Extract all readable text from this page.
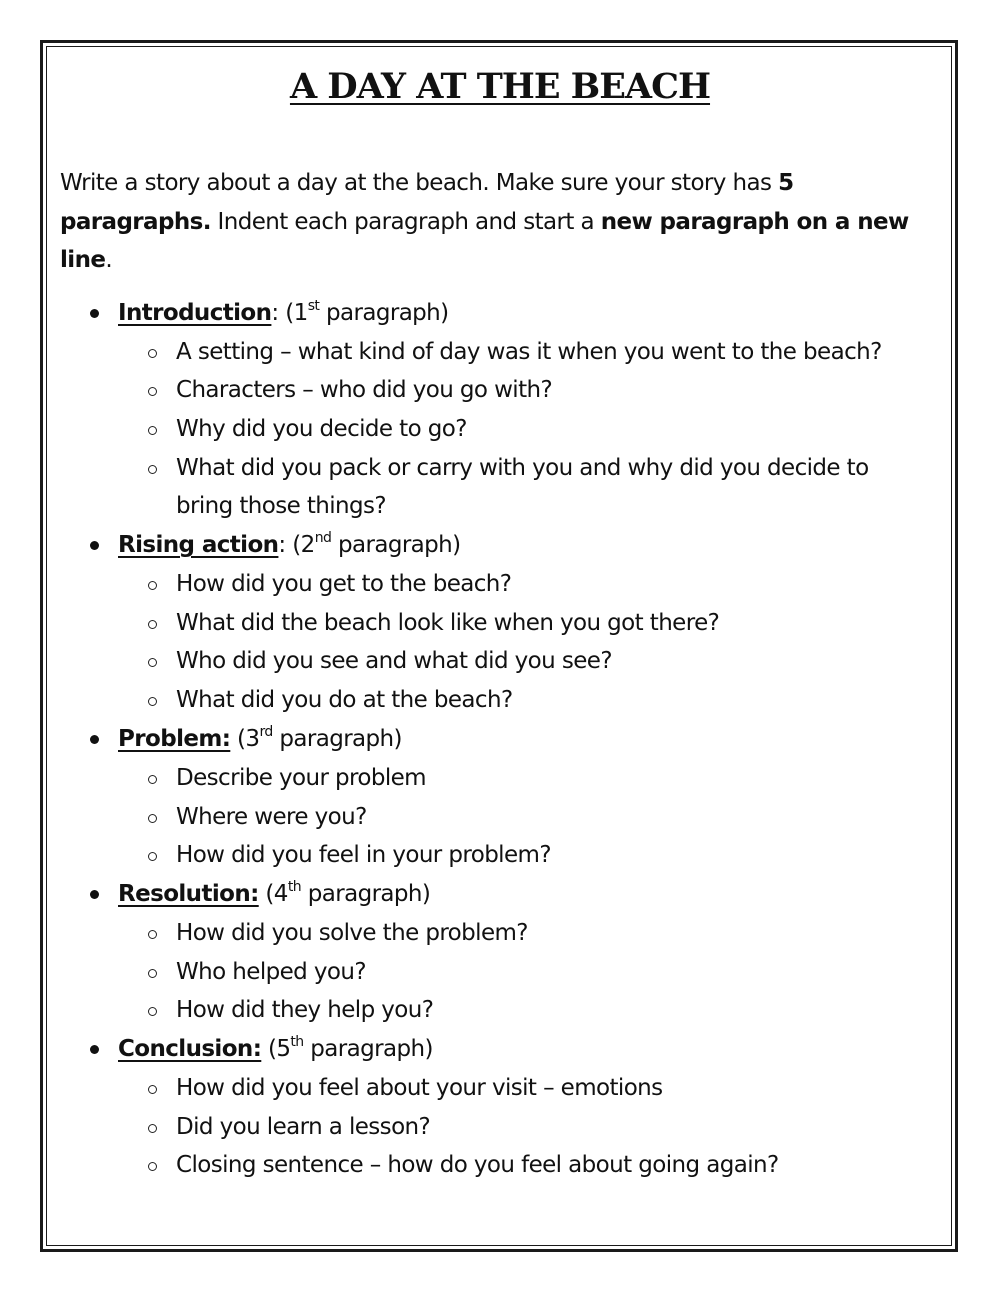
A DAY AT THE BEACH

Write a story about a day at the beach. Make sure your story has 5 paragraphs. Indent each paragraph and start a new paragraph on a new line.

Introduction: (1st paragraph)
A setting – what kind of day was it when you went to the beach?
Characters – who did you go with?
Why did you decide to go?
What did you pack or carry with you and why did you decide to bring those things?
Rising action: (2nd paragraph)
How did you get to the beach?
What did the beach look like when you got there?
Who did you see and what did you see?
What did you do at the beach?
Problem: (3rd paragraph)
Describe your problem
Where were you?
How did you feel in your problem?
Resolution: (4th paragraph)
How did you solve the problem?
Who helped you?
How did they help you?
Conclusion: (5th paragraph)
How did you feel about your visit – emotions
Did you learn a lesson?
Closing sentence – how do you feel about going again?
